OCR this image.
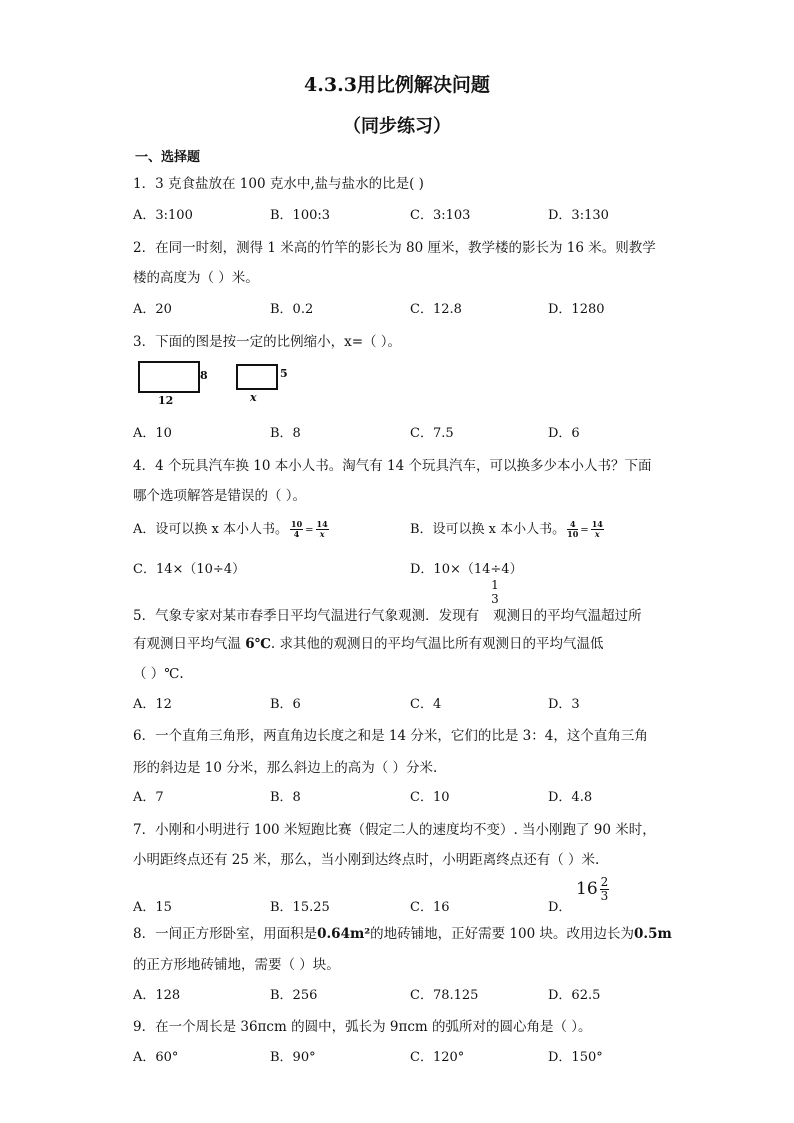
4.3.3用比例解决问题
（同步练习）
一、选择题
1．3 克食盐放在 100 克水中,盐与盐水的比是( )
A．3:100	B．100:3	C．3:103	D．3:130
2．在同一时刻，测得 1 米高的竹竿的影长为 80 厘米，教学楼的影长为 16 米。则教学
楼的高度为（ ）米。
A．20	B．0.2	C．12.8	D．1280
3．下面的图是按一定的比例缩小，x=（ ）。
8
12
5
x
A．10	B．8	C．7.5	D．6
4．4 个玩具汽车换 10 本小人书。淘气有 14 个玩具汽车，可以换多少本小人书？下面
哪个选项解答是错误的（ ）。
A．设可以换 x 本小人书。 $\frac{10}{4} = \frac{14}{x}$	B．设可以换 x 本小人书。 $\frac{4}{10} = \frac{14}{x}$
C．14×（10÷4）	D．10×（14÷4）
1
3
5．气象专家对某市春季日平均气温进行气象观测．发现有 观测日的平均气温超过所
有观测日平均气温 6℃. 求其他的观测日的平均气温比所有观测日的平均气温低
（ ）℃.
A．12	B．6	C．4	D．3
6．一个直角三角形，两直角边长度之和是 14 分米，它们的比是 3：4，这个直角三角
形的斜边是 10 分米，那么斜边上的高为（ ）分米.
A．7	B．8	C．10	D．4.8
7．小刚和小明进行 100 米短跑比赛（假定二人的速度均不变）. 当小刚跑了 90 米时，
小明距终点还有 25 米，那么，当小刚到达终点时，小明距离终点还有（ ）米.
A．15	B．15.25	C．16	D．
$16 \frac{2}{3}$
8．一间正方形卧室，用面积是0.64m²的地砖铺地，正好需要 100 块。改用边长为0.5m
的正方形地砖铺地，需要（ ）块。
A．128	B．256	C．78.125	D．62.5
9．在一个周长是 36πcm 的圆中，弧长为 9πcm 的弧所对的圆心角是（ ）。
A．60°	B．90°	C．120°	D．150°
